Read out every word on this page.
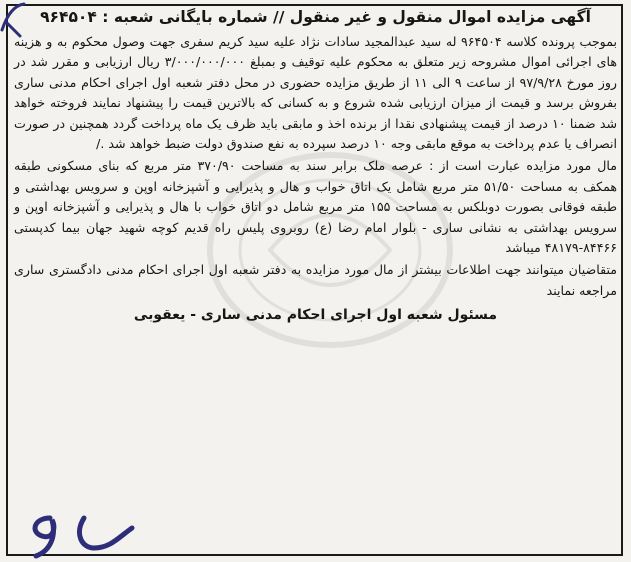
آگهی مزایده اموال منقول و غیر منقول // شماره بایگانی شعبه : ۹۶۴۵۰۴

بموجب پرونده کلاسه ۹۶۴۵۰۴ له سید عبدالمجید سادات نژاد علیه سید کریم سفری جهت وصول محکوم به و هزینه های اجرائی اموال مشروحه زیر متعلق به محکوم علیه توقیف و بمبلغ ۳/۰۰۰/۰۰۰/۰۰۰ ریال ارزیابی و مقرر شد در روز مورخ ۹۷/۹/۲۸ از ساعت ۹ الی ۱۱ از طریق مزایده حضوری در محل دفتر شعبه اول اجرای احکام مدنی ساری بفروش برسد و قیمت از میزان ارزیابی شده شروع و به کسانی که بالاترین قیمت را پیشنهاد نمایند فروخته خواهد شد ضمنا ۱۰ درصد از قیمت پیشنهادی نقدا از برنده اخذ و مابقی باید ظرف یک ماه پرداخت گردد همچنین در صورت انصراف یا عدم پرداخت به موقع مابقی وجه ۱۰ درصد سپرده به نفع صندوق دولت ضبط خواهد شد ./

مال مورد مزایده عبارت است از : عرصه ملک برابر سند به مساحت ۳۷۰/۹۰ متر مربع که بنای مسکونی طبقه همکف به مساحت ۵۱/۵۰ متر مربع شامل یک اتاق خواب و هال و پذیرایی و آشپزخانه اوپن و سرویس بهداشتی و طبقه فوقانی بصورت دوبلکس به مساحت ۱۵۵ متر مربع شامل دو اتاق خواب با هال و پذیرایی و آشپزخانه اوپن و سرویس بهداشتی به نشانی ساری - بلوار امام رضا (ع) روبروی پلیس راه قدیم کوچه شهید جهان بیما کدپستی ۸۴۴۶۶-۴۸۱۷۹ میباشد

متقاضیان میتوانند جهت اطلاعات بیشتر از مال مورد مزایده به دفتر شعبه اول اجرای احکام مدنی دادگستری ساری مراجعه نمایند

مسئول شعبه اول اجرای احکام مدنی ساری - یعقوبی
